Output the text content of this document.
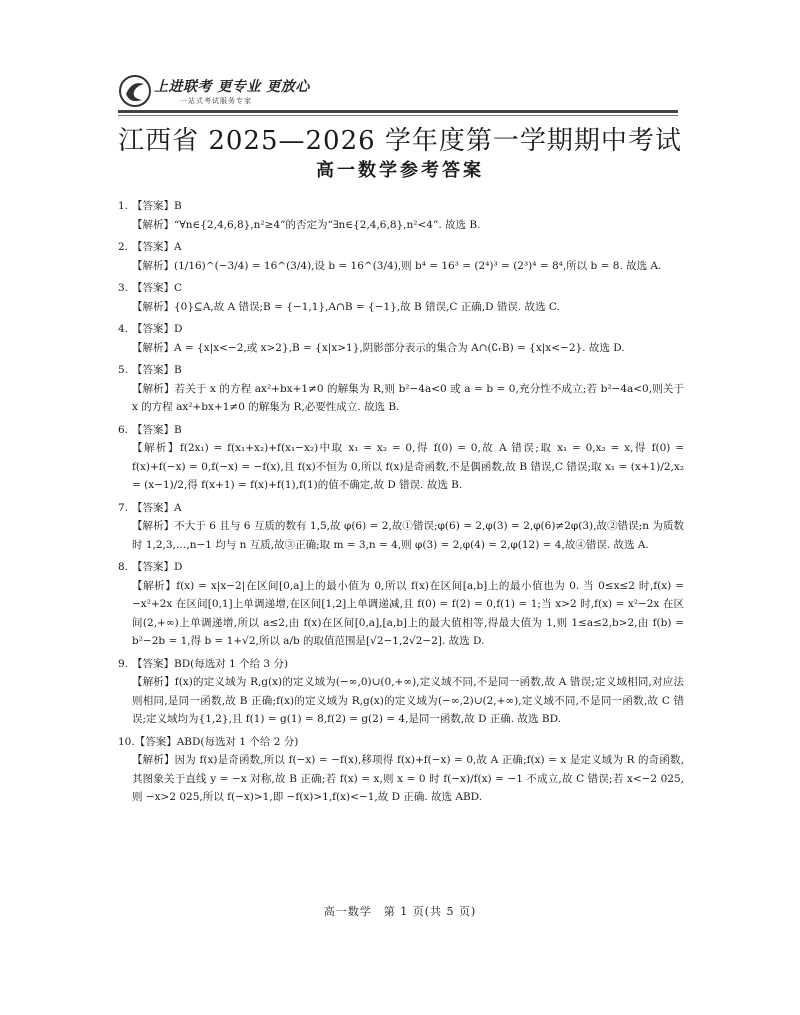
上进联考 更专业 更放心
一站式考试服务专家
江西省 2025—2026 学年度第一学期期中考试
高一数学参考答案

1. 【答案】B

【解析】“∀n∈{2,4,6,8},n²≥4”的否定为“∃n∈{2,4,6,8},n²<4”. 故选 B.

2. 【答案】A

【解析】(1/16)^(−3/4) = 16^(3/4),设 b = 16^(3/4),则 b⁴ = 16³ = (2⁴)³ = (2³)⁴ = 8⁴,所以 b = 8. 故选 A.

3. 【答案】C

【解析】{0}⊆A,故 A 错误;B = {−1,1},A∩B = {−1},故 B 错误,C 正确,D 错误. 故选 C.

4. 【答案】D

【解析】A = {x|x<−2,或 x>2},B = {x|x>1},阴影部分表示的集合为 A∩(∁ᵣB) = {x|x<−2}. 故选 D.

5. 【答案】B

【解析】若关于 x 的方程 ax²+bx+1≠0 的解集为 R,则 b²−4a<0 或 a = b = 0,充分性不成立;若 b²−4a<0,则关于 x 的方程 ax²+bx+1≠0 的解集为 R,必要性成立. 故选 B.

6. 【答案】B

【解析】f(2x₁) = f(x₁+x₂)+f(x₁−x₂)中取 x₁ = x₂ = 0,得 f(0) = 0,故 A 错误;取 x₁ = 0,x₂ = x,得 f(0) = f(x)+f(−x) = 0,f(−x) = −f(x),且 f(x)不恒为 0,所以 f(x)是奇函数,不是偶函数,故 B 错误,C 错误;取 x₁ = (x+1)/2,x₂ = (x−1)/2,得 f(x+1) = f(x)+f(1),f(1)的值不确定,故 D 错误. 故选 B.

7. 【答案】A

【解析】不大于 6 且与 6 互质的数有 1,5,故 φ(6) = 2,故①错误;φ(6) = 2,φ(3) = 2,φ(6)≠2φ(3),故②错误;n 为质数时 1,2,3,…,n−1 均与 n 互质,故③正确;取 m = 3,n = 4,则 φ(3) = 2,φ(4) = 2,φ(12) = 4,故④错误. 故选 A.

8. 【答案】D

【解析】f(x) = x|x−2|在区间[0,a]上的最小值为 0,所以 f(x)在区间[a,b]上的最小值也为 0. 当 0≤x≤2 时,f(x) = −x²+2x 在区间[0,1]上单调递增,在区间[1,2]上单调递减,且 f(0) = f(2) = 0,f(1) = 1;当 x>2 时,f(x) = x²−2x 在区间(2,+∞)上单调递增,所以 a≤2,由 f(x)在区间[0,a],[a,b]上的最大值相等,得最大值为 1,则 1≤a≤2,b>2,由 f(b) = b²−2b = 1,得 b = 1+√2,所以 a/b 的取值范围是[√2−1,2√2−2]. 故选 D.

9. 【答案】BD(每选对 1 个给 3 分)

【解析】f(x)的定义域为 R,g(x)的定义域为(−∞,0)∪(0,+∞),定义域不同,不是同一函数,故 A 错误;定义域相同,对应法则相同,是同一函数,故 B 正确;f(x)的定义域为 R,g(x)的定义域为(−∞,2)∪(2,+∞),定义域不同,不是同一函数,故 C 错误;定义域均为{1,2},且 f(1) = g(1) = 8,f(2) = g(2) = 4,是同一函数,故 D 正确. 故选 BD.

10.【答案】ABD(每选对 1 个给 2 分)

【解析】因为 f(x)是奇函数,所以 f(−x) = −f(x),移项得 f(x)+f(−x) = 0,故 A 正确;f(x) = x 是定义域为 R 的奇函数,其图象关于直线 y = −x 对称,故 B 正确;若 f(x) = x,则 x = 0 时 f(−x)/f(x) = −1 不成立,故 C 错误;若 x<−2 025,则 −x>2 025,所以 f(−x)>1,即 −f(x)>1,f(x)<−1,故 D 正确. 故选 ABD.

高一数学　第 1 页(共 5 页)
